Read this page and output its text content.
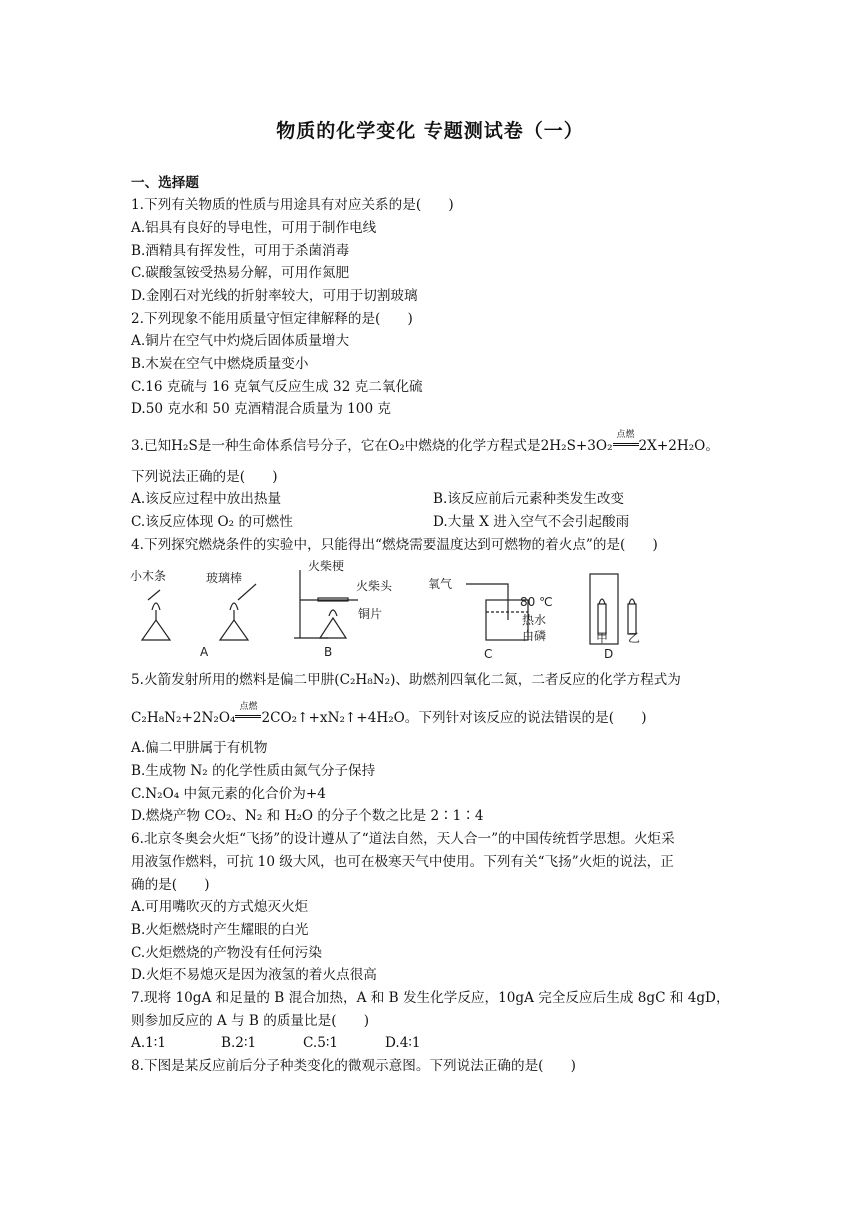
物质的化学变化 专题测试卷（一）
一、选择题
1.下列有关物质的性质与用途具有对应关系的是(　　)
A.铝具有良好的导电性，可用于制作电线
B.酒精具有挥发性，可用于杀菌消毒
C.碳酸氢铵受热易分解，可用作氮肥
D.金刚石对光线的折射率较大，可用于切割玻璃
2.下列现象不能用质量守恒定律解释的是(　　)
A.铜片在空气中灼烧后固体质量增大
B.木炭在空气中燃烧质量变小
C.16 克硫与 16 克氧气反应生成 32 克二氧化硫
D.50 克水和 50 克酒精混合质量为 100 克
3.已知H₂S是一种生命体系信号分子，它在O₂中燃烧的化学方程式是2H₂S+3O₂
点燃
2X+2H₂O。
下列说法正确的是(　　)
A.该反应过程中放出热量	B.该反应前后元素种类发生改变
C.该反应体现 O₂ 的可燃性	D.大量 X 进入空气不会引起酸雨
4.下列探究燃烧条件的实验中，只能得出“燃烧需要温度达到可燃物的着火点”的是(　　)
小木条	玻璃棒
A
火柴梗
火柴头
铜片
B
氧气
80 ℃
热水
白磷
C
甲 乙
D
5.火箭发射所用的燃料是偏二甲肼(C₂H₈N₂)、助燃剂四氧化二氮，二者反应的化学方程式为
C₂H₈N₂+2N₂O₄
点燃
2CO₂↑+xN₂↑+4H₂O。下列针对该反应的说法错误的是(　　)
A.偏二甲肼属于有机物
B.生成物 N₂ 的化学性质由氮气分子保持
C.N₂O₄ 中氮元素的化合价为+4
D.燃烧产物 CO₂、N₂ 和 H₂O 的分子个数之比是 2∶1∶4
6.北京冬奥会火炬“飞扬”的设计遵从了“道法自然，天人合一”的中国传统哲学思想。火炬采
用液氢作燃料，可抗 10 级大风，也可在极寒天气中使用。下列有关“飞扬”火炬的说法，正
确的是(　　)
A.可用嘴吹灭的方式熄灭火炬
B.火炬燃烧时产生耀眼的白光
C.火炬燃烧的产物没有任何污染
D.火炬不易熄灭是因为液氢的着火点很高
7.现将 10gA 和足量的 B 混合加热，A 和 B 发生化学反应，10gA 完全反应后生成 8gC 和 4gD，
则参加反应的 A 与 B 的质量比是(　　)
A.1∶1	B.2∶1	C.5∶1	D.4∶1
8.下图是某反应前后分子种类变化的微观示意图。下列说法正确的是(　　)
